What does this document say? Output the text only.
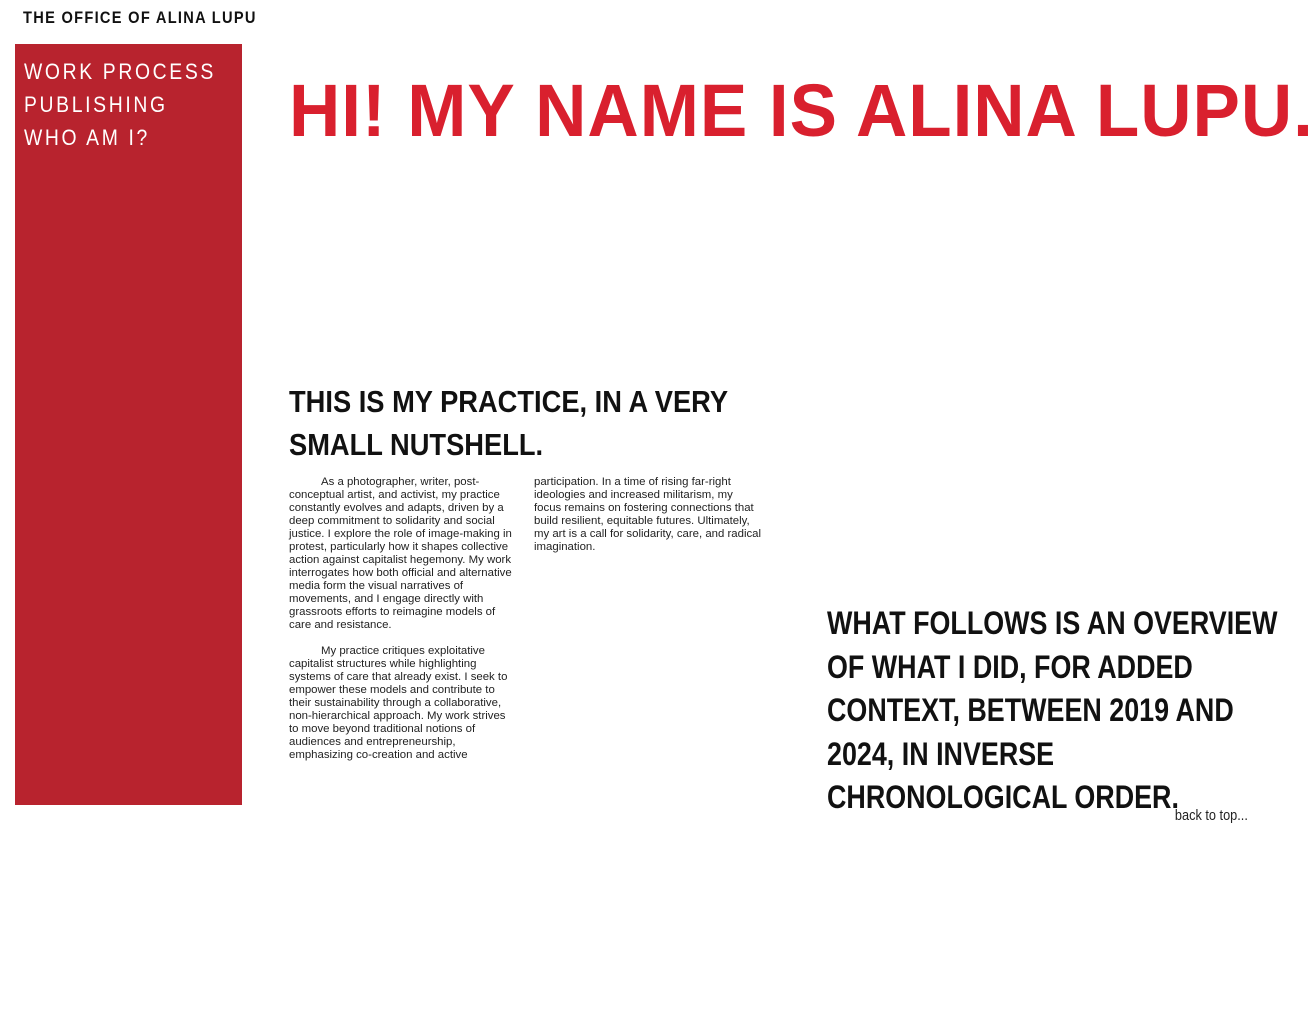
THE OFFICE OF ALINA LUPU
WORK PROCESS
PUBLISHING
WHO AM I?	HI! MY NAME IS ALINA LUPU.
THIS IS MY PRACTICE, IN A VERY SMALL NUTSHELL.

As a photographer, writer, post-conceptual artist, and activist, my practice constantly evolves and adapts, driven by a deep commitment to solidarity and social justice. I explore the role of image-making in protest, particularly how it shapes collective action against capitalist hegemony. My work interrogates how both official and alternative media form the visual narratives of movements, and I engage directly with grassroots efforts to reimagine models of care and resistance.

My practice critiques exploitative capitalist structures while highlighting systems of care that already exist. I seek to empower these models and contribute to their sustainability through a collaborative, non-hierarchical approach. My work strives to move beyond traditional notions of audiences and entrepreneurship, emphasizing co-creation and active

participation. In a time of rising far-right ideologies and increased militarism, my focus remains on fostering connections that build resilient, equitable futures. Ultimately, my art is a call for solidarity, care, and radical imagination.

WHAT FOLLOWS IS AN OVERVIEW OF WHAT I DID, FOR ADDED CONTEXT, BETWEEN 2019 AND 2024, IN INVERSE CHRONOLOGICAL ORDER.

back to top...
